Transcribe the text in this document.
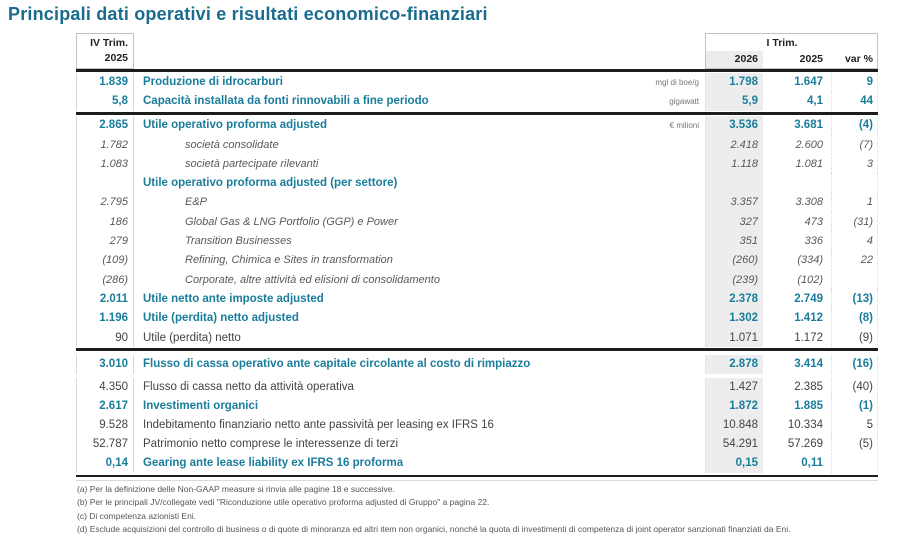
Principali dati operativi e risultati economico-finanziari
IV Trim.
2025
I Trim.
2026	2025	var %
1.839	Produzione di idrocarburi	mgl di boe/g	1.798	1.647	9
5,8	Capacità installata da fonti rinnovabili a fine periodo	gigawatt	5,9	4,1	44
2.865	Utile operativo proforma adjusted	€ milioni	3.536	3.681	(4)
1.782	società consolidate	2.418	2.600	(7)
1.083	società partecipate rilevanti	1.118	1.081	3
Utile operativo proforma adjusted (per settore)
2.795	E&P	3.357	3.308	1
186	Global Gas & LNG Portfolio (GGP) e Power	327	473	(31)
279	Transition Businesses	351	336	4
(109)	Refining, Chimica e Sites in transformation	(260)	(334)	22
(286)	Corporate, altre attività ed elisioni di consolidamento	(239)	(102)
2.011	Utile netto ante imposte adjusted	2.378	2.749	(13)
1.196	Utile (perdita) netto adjusted	1.302	1.412	(8)
90	Utile (perdita) netto	1.071	1.172	(9)
3.010	Flusso di cassa operativo ante capitale circolante al costo di rimpiazzo	2.878	3.414	(16)
4.350	Flusso di cassa netto da attività operativa	1.427	2.385	(40)
2.617	Investimenti organici	1.872	1.885	(1)
9.528	Indebitamento finanziario netto ante passività per leasing ex IFRS 16	10.848	10.334	5
52.787	Patrimonio netto comprese le interessenze di terzi	54.291	57.269	(5)
0,14	Gearing ante lease liability ex IFRS 16 proforma	0,15	0,11
(a) Per la definizione delle Non-GAAP measure si rinvia alle pagine 18 e successive.
(b) Per le principali JV/collegate vedi "Riconduzione utile operativo proforma adjusted di Gruppo" a pagina 22.
(c) Di competenza azionisti Eni.
(d) Esclude acquisizioni del controllo di business o di quote di minoranza ed altri item non organici, nonché la quota di investimenti di competenza di joint operator sanzionati finanziati da Eni.
